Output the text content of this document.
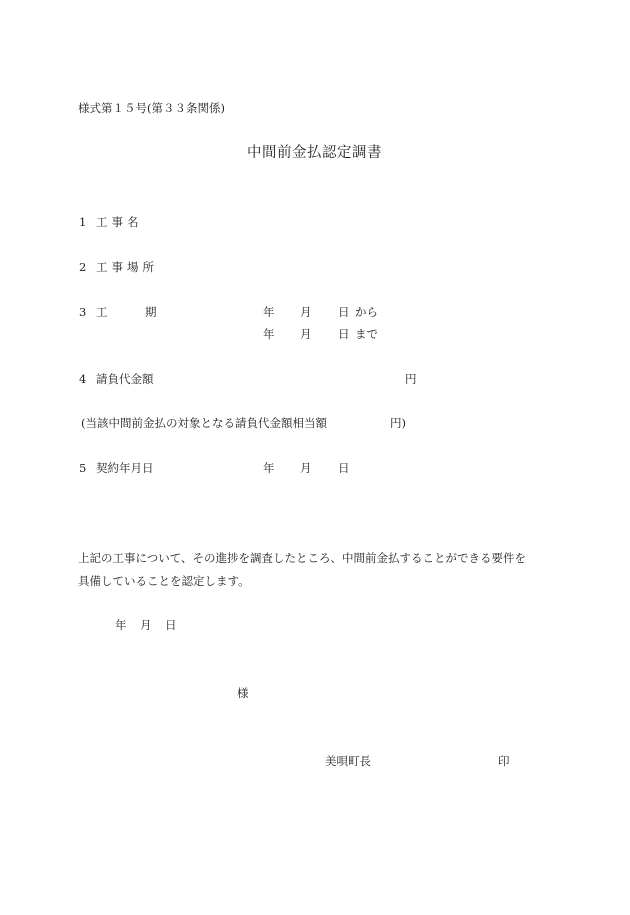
様式第１５号(第３３条関係)
中間前金払認定調書
1 工事名
2 工事場所
3 工	期	年 月 日 から
年 月 日 まで
4 請負代金額	円
(当該中間前金払の対象となる請負代金額相当額	円)
5 契約年月日	年 月 日
上記の工事について、その進捗を調査したところ、中間前金払することができる要件を
具備していることを認定します。
年 月 日
様
美唄町長	印
